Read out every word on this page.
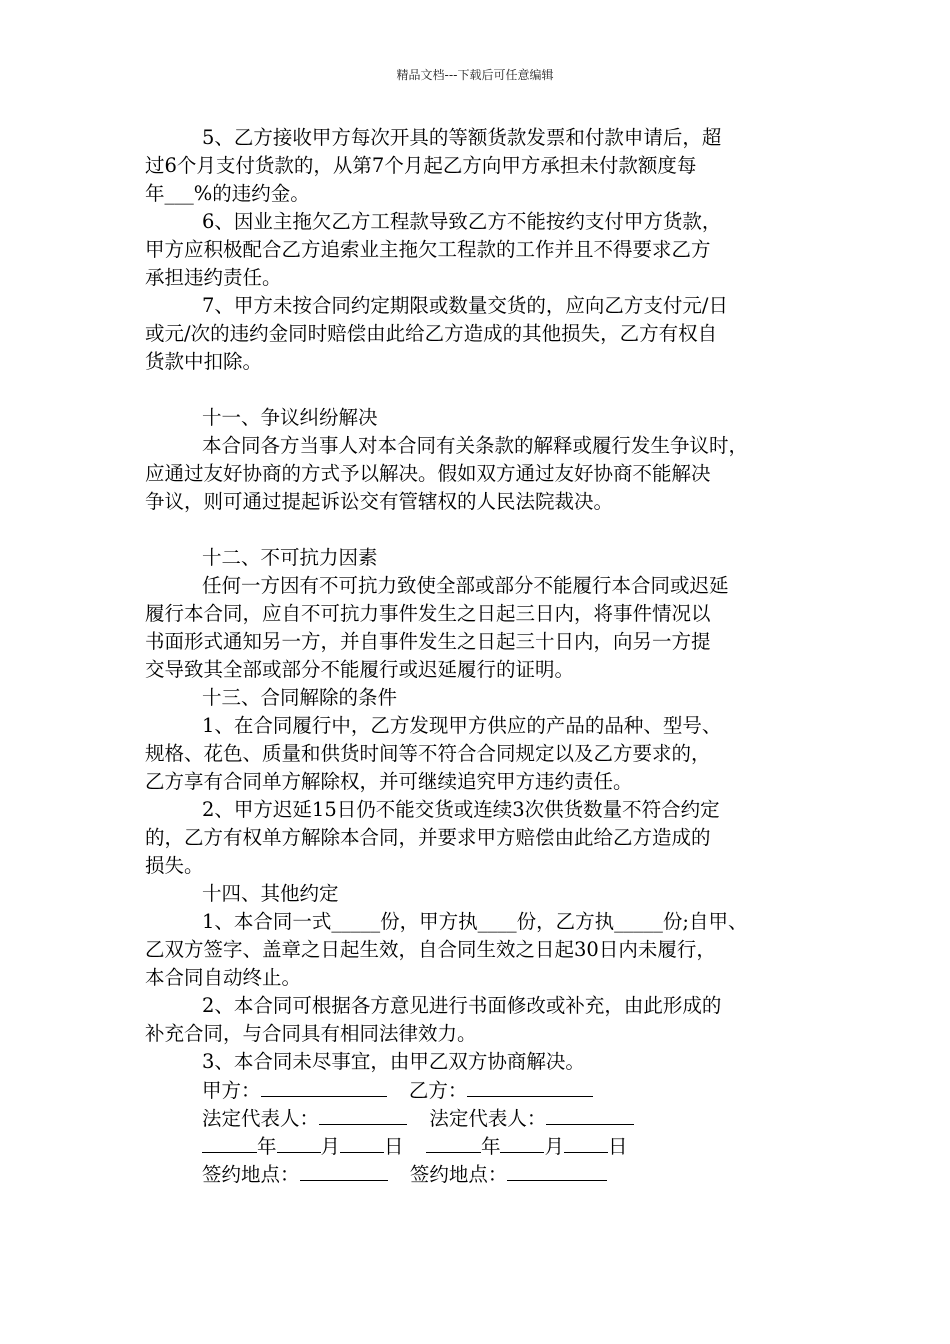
精品文档---下载后可任意编辑
5、乙方接收甲方每次开具的等额货款发票和付款申请后，超
过6个月支付货款的，从第7个月起乙方向甲方承担未付款额度每
年___%的违约金。
6、因业主拖欠乙方工程款导致乙方不能按约支付甲方货款，
甲方应积极配合乙方追索业主拖欠工程款的工作并且不得要求乙方
承担违约责任。
7、甲方未按合同约定期限或数量交货的，应向乙方支付元/日
或元/次的违约金同时赔偿由此给乙方造成的其他损失，乙方有权自
货款中扣除。
十一、争议纠纷解决
本合同各方当事人对本合同有关条款的解释或履行发生争议时，
应通过友好协商的方式予以解决。假如双方通过友好协商不能解决
争议，则可通过提起诉讼交有管辖权的人民法院裁决。
十二、不可抗力因素
任何一方因有不可抗力致使全部或部分不能履行本合同或迟延
履行本合同，应自不可抗力事件发生之日起三日内，将事件情况以
书面形式通知另一方，并自事件发生之日起三十日内，向另一方提
交导致其全部或部分不能履行或迟延履行的证明。
十三、合同解除的条件
1、在合同履行中，乙方发现甲方供应的产品的品种、型号、
规格、花色、质量和供货时间等不符合合同规定以及乙方要求的，
乙方享有合同单方解除权，并可继续追究甲方违约责任。
2、甲方迟延15日仍不能交货或连续3次供货数量不符合约定
的，乙方有权单方解除本合同，并要求甲方赔偿由此给乙方造成的
损失。
十四、其他约定
1、本合同一式_____份，甲方执____份，乙方执_____份;自甲、
乙双方签字、盖章之日起生效，自合同生效之日起30日内未履行，
本合同自动终止。
2、本合同可根据各方意见进行书面修改或补充，由此形成的
补充合同，与合同具有相同法律效力。
3、本合同未尽事宜，由甲乙双方协商解决。
甲方：	乙方：
法定代表人：	法定代表人：
年 月 日	年 月 日
签约地点：	签约地点：
